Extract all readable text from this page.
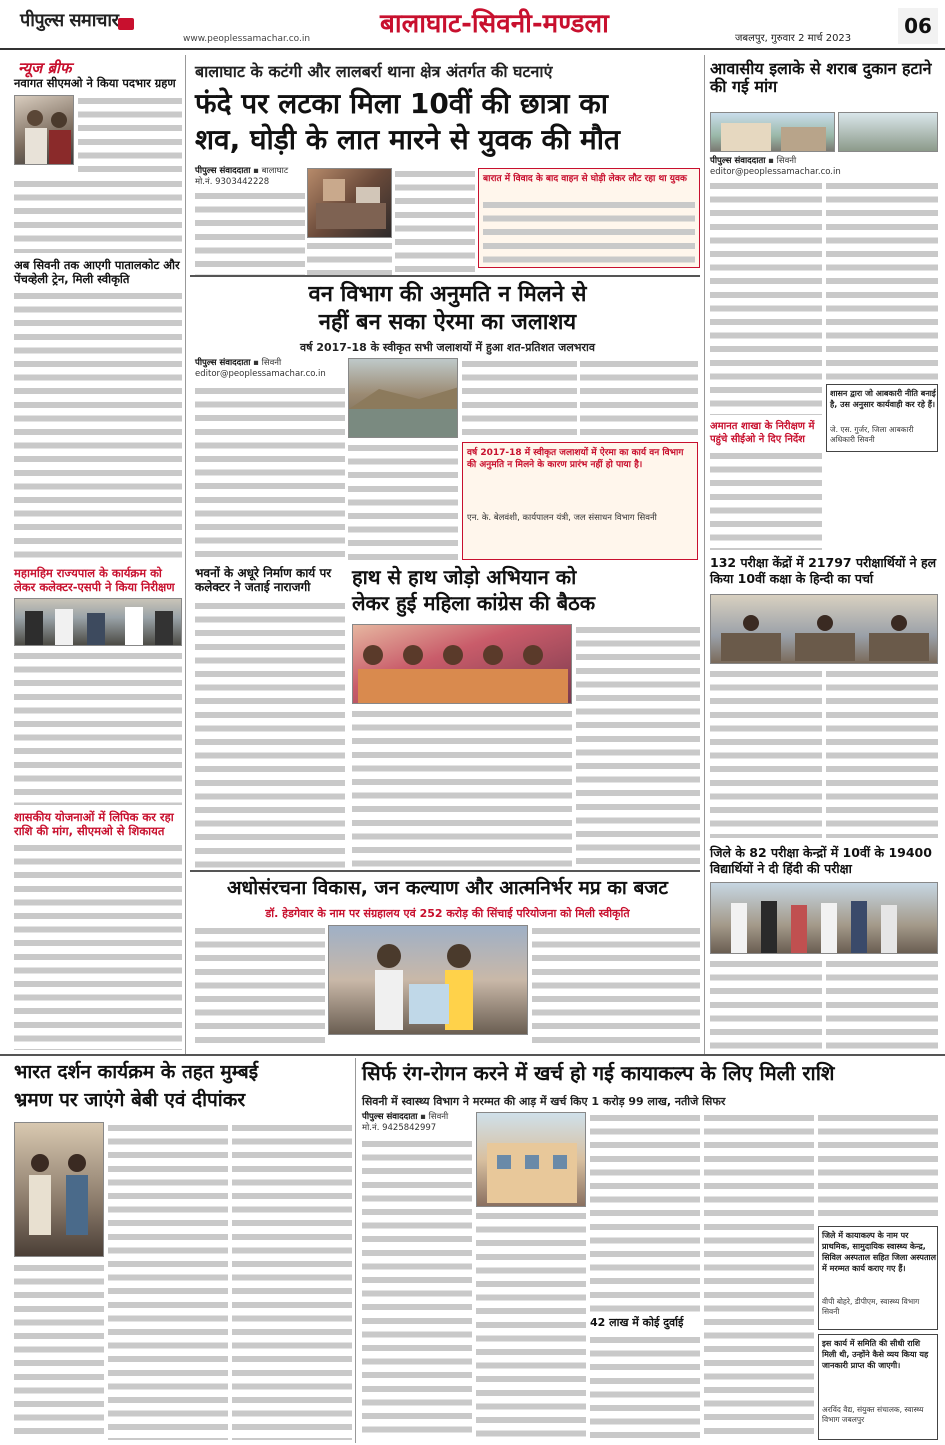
पीपुल्स समाचार
www.peoplessamachar.co.in	बालाघाट-सिवनी-मण्डला	जबलपुर, गुरुवार 2 मार्च 2023
06
न्यूज ब्रीफ
नवागत सीएमओ ने किया पदभार ग्रहण
अब सिवनी तक आएगी पातालकोट और पेंचव्हेली ट्रेन, मिली स्वीकृति
महामहिम राज्यपाल के कार्यक्रम को लेकर कलेक्टर-एसपी ने किया निरीक्षण
शासकीय योजनाओं में लिपिक कर रहा राशि की मांग, सीएमओ से शिकायत
बालाघाट के कटंगी और लालबर्रा थाना क्षेत्र अंतर्गत की घटनाएं
फंदे पर लटका मिला 10वीं की छात्रा का
शव, घोड़ी के लात मारने से युवक की मौत
पीपुल्स संवाददाता ▪ बालाघाट
मो.नं. 9303442228	बारात में विवाद के बाद वाहन से घोड़ी लेकर लौट रहा था युवक
वन विभाग की अनुमति न मिलने से
नहीं बन सका ऐरमा का जलाशय
वर्ष 2017-18 के स्वीकृत सभी जलाशयों में हुआ शत-प्रतिशत जलभराव
पीपुल्स संवाददाता ▪ सिवनी
editor@peoplessamachar.co.in
वर्ष 2017-18 में स्वीकृत जलाशयों में ऐरमा का कार्य वन विभाग की अनुमति न मिलने के कारण प्रारंभ नहीं हो पाया है।
एन. के. बेलवंशी, कार्यपालन यंत्री, जल संसाधन विभाग सिवनी
भवनों के अधूरे निर्माण कार्य पर कलेक्टर ने जताई नाराजगी	हाथ से हाथ जोड़ो अभियान को
लेकर हुई महिला कांग्रेस की बैठक
अधोसंरचना विकास, जन कल्याण और आत्मनिर्भर मप्र का बजट
डॉ. हेडगेवार के नाम पर संग्रहालय एवं 252 करोड़ की सिंचाई परियोजना को मिली स्वीकृति
आवासीय इलाके से शराब दुकान हटाने की गई मांग
पीपुल्स संवाददाता ▪ सिवनी
editor@peoplessamachar.co.in
शासन द्वारा जो आबकारी नीति बनाई है, उस अनुसार कार्यवाही कर रहे हैं।
जे. एस. गुर्जर, जिला आबकारी अधिकारी सिवनी
अमानत शाखा के निरीक्षण में पहुंचे सीईओ ने दिए निर्देश
132 परीक्षा केंद्रों में 21797 परीक्षार्थियों ने हल किया 10वीं कक्षा के हिन्दी का पर्चा
जिले के 82 परीक्षा केन्द्रों में 10वीं के 19400 विद्यार्थियों ने दी हिंदी की परीक्षा
भारत दर्शन कार्यक्रम के तहत मुम्बई
भ्रमण पर जाएंगे बेबी एवं दीपांकर
सिर्फ रंग-रोगन करने में खर्च हो गई कायाकल्प के लिए मिली राशि
सिवनी में स्वास्थ्य विभाग ने मरम्मत की आड़ में खर्च किए 1 करोड़ 99 लाख, नतीजे सिफर
पीपुल्स संवाददाता ▪ सिवनी
मो.नं. 9425842997
42 लाख में कोई दुर्वाई
जिले में कायाकल्प के नाम पर प्राथमिक, सामुदायिक स्वास्थ्य केन्द्र, सिविल अस्पताल सहित जिला अस्पताल में मरम्मत कार्य कराए गए हैं।
वीपी बोहरे, डीपीएम, स्वास्थ्य विभाग सिवनी
इस कार्य में समिति की सीधी राशि मिली थी, उन्होंने कैसे व्यय किया यह जानकारी प्राप्त की जाएगी।
अरविंद वैद्य, संयुक्त संचालक, स्वास्थ्य विभाग जबलपुर
